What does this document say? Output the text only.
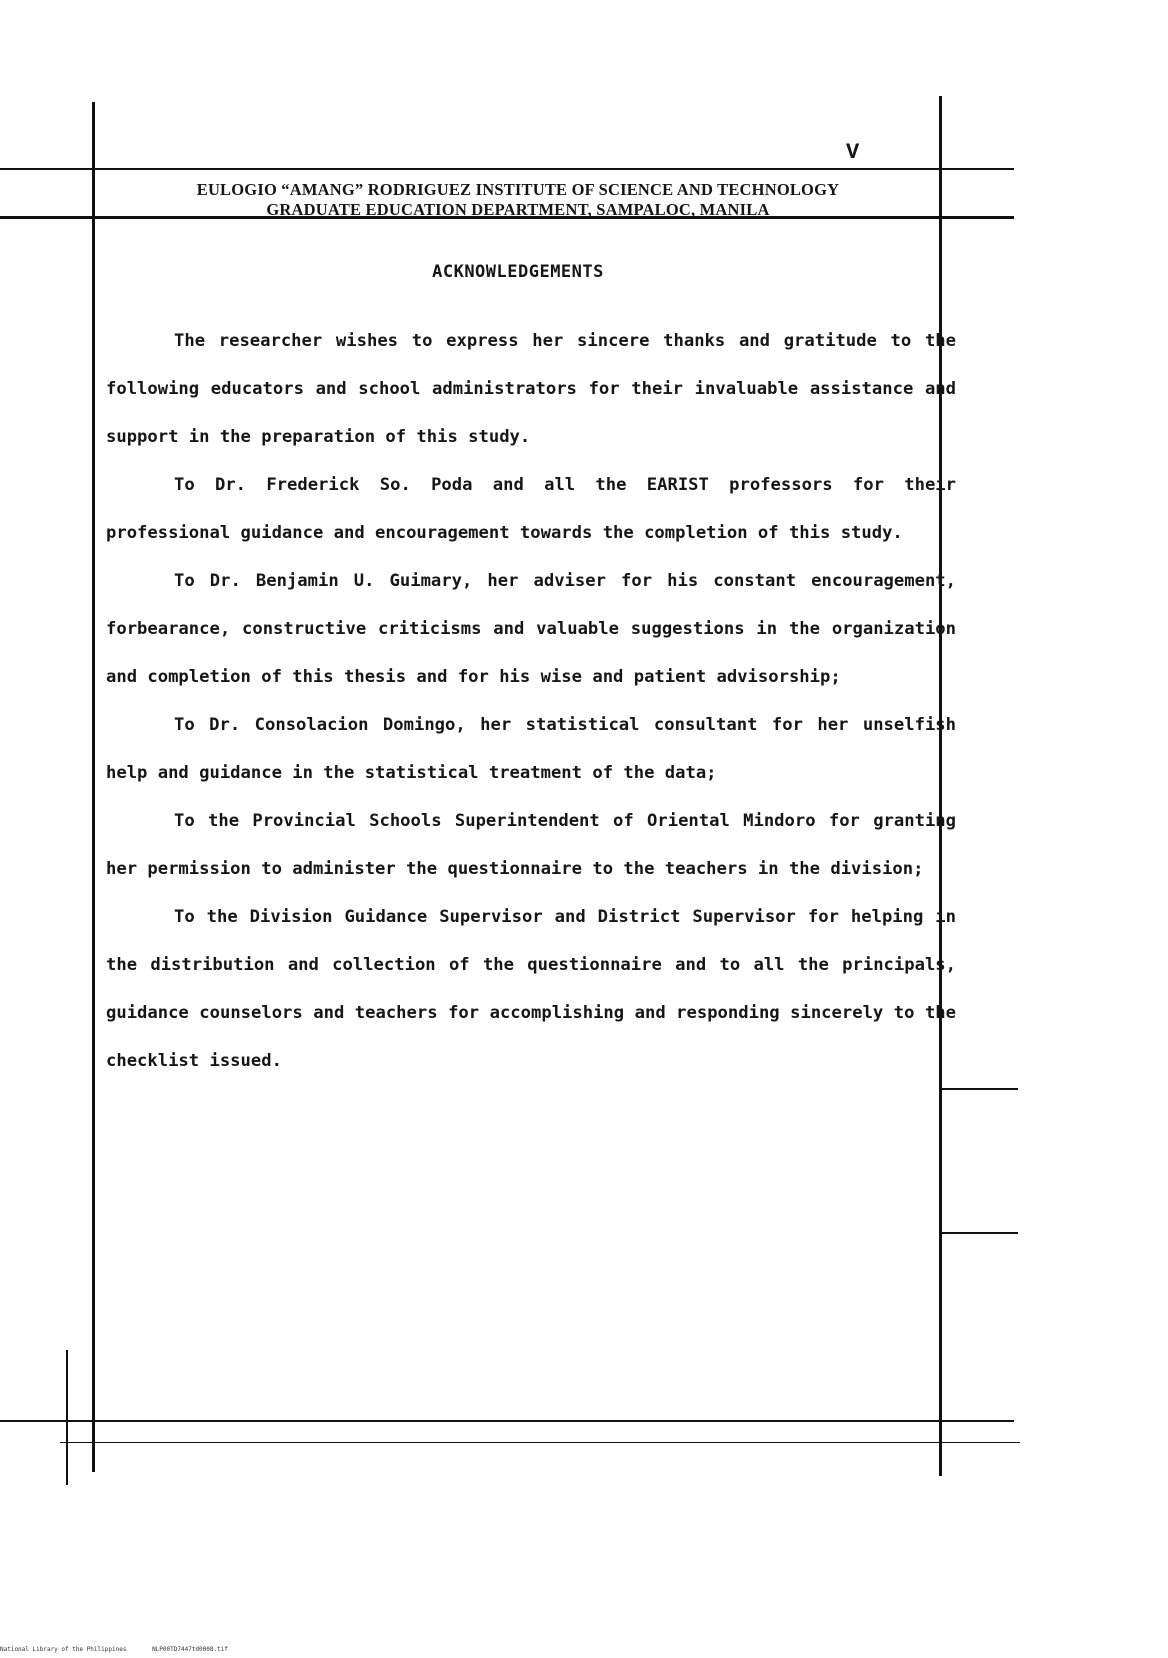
V
EULOGIO “AMANG” RODRIGUEZ INSTITUTE OF SCIENCE AND TECHNOLOGY
GRADUATE EDUCATION DEPARTMENT, SAMPALOC, MANILA
ACKNOWLEDGEMENTS

The researcher wishes to express her sincere thanks and gratitude to the following educators and school administrators for their invaluable assistance and support in the preparation of this study.

To Dr. Frederick So. Poda and all the EARIST professors for their professional guidance and encouragement towards the completion of this study.

To Dr. Benjamin U. Guimary, her adviser for his constant encouragement, forbearance, constructive criticisms and valuable suggestions in the organization and completion of this thesis and for his wise and patient advisorship;

To Dr. Consolacion Domingo, her statistical consultant for her unselfish help and guidance in the statistical treatment of the data;

To the Provincial Schools Superintendent of Oriental Mindoro for granting her permission to administer the questionnaire to the teachers in the division;

To the Division Guidance Supervisor and District Supervisor for helping in the distribution and collection of the questionnaire and to all the principals, guidance counselors and teachers for accomplishing and responding sincerely to the checklist issued.

National Library of the Philippines	NLP00TD7447td0008.tif
